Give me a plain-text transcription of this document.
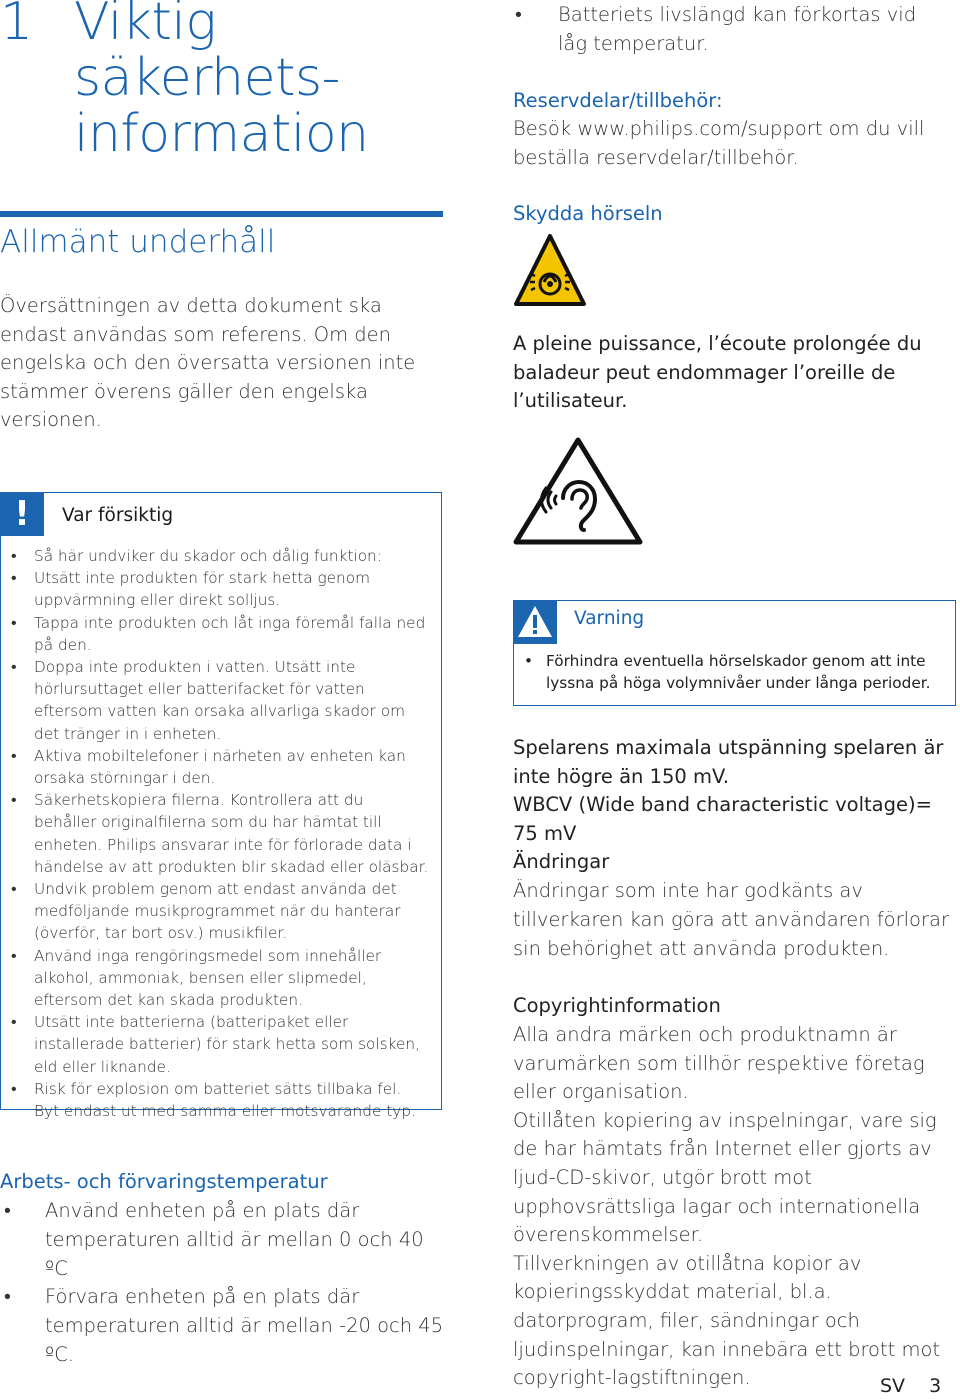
1 Viktig säkerhets-information
Allmänt underhåll
Översättningen av detta dokument ska endast användas som referens. Om den engelska och den översatta versionen inte stämmer överens gäller den engelska versionen.
!	Var försiktig
• Så här undviker du skador och dålig funktion:
• Utsätt inte produkten för stark hetta genom uppvärmning eller direkt solljus.
• Tappa inte produkten och låt inga föremål falla ned på den.
• Doppa inte produkten i vatten. Utsätt inte hörlursuttaget eller batterifacket för vatten eftersom vatten kan orsaka allvarliga skador om det tränger in i enheten.
• Aktiva mobiltelefoner i närheten av enheten kan orsaka störningar i den.
• Säkerhetskopiera filerna. Kontrollera att du behåller originalfilerna som du har hämtat till enheten. Philips ansvarar inte för förlorade data i händelse av att produkten blir skadad eller oläsbar.
• Undvik problem genom att endast använda det medföljande musikprogrammet när du hanterar (överför, tar bort osv.) musikfiler.
• Använd inga rengöringsmedel som innehåller alkohol, ammoniak, bensen eller slipmedel, eftersom det kan skada produkten.
• Utsätt inte batterierna (batteripaket eller installerade batterier) för stark hetta som solsken, eld eller liknande.
• Risk för explosion om batteriet sätts tillbaka fel. Byt endast ut med samma eller motsvarande typ.
Arbets- och förvaringstemperatur
• Använd enheten på en plats där temperaturen alltid är mellan 0 och 40 ºC
• Förvara enheten på en plats där temperaturen alltid är mellan -20 och 45 ºC.
• Batteriets livslängd kan förkortas vid låg temperatur.
Reservdelar/tillbehör:
Besök www.philips.com/support om du vill beställa reservdelar/tillbehör.
Skydda hörseln
A pleine puissance, l’écoute prolongée du baladeur peut endommager l’oreille de l’utilisateur.
Varning
• Förhindra eventuella hörselskador genom att inte lyssna på höga volymnivåer under långa perioder.
Spelarens maximala utspänning spelaren är inte högre än 150 mV.
WBCV (Wide band characteristic voltage)= 75 mV
Ändringar
Ändringar som inte har godkänts av tillverkaren kan göra att användaren förlorar sin behörighet att använda produkten.
Copyrightinformation
Alla andra märken och produktnamn är varumärken som tillhör respektive företag eller organisation.
Otillåten kopiering av inspelningar, vare sig de har hämtats från Internet eller gjorts av ljud-CD-skivor, utgör brott mot upphovsrättsliga lagar och internationella överenskommelser.
Tillverkningen av otillåtna kopior av kopieringsskyddat material, bl.a. datorprogram, filer, sändningar och ljudinspelningar, kan innebära ett brott mot copyright-lagstiftningen.	SV 3
